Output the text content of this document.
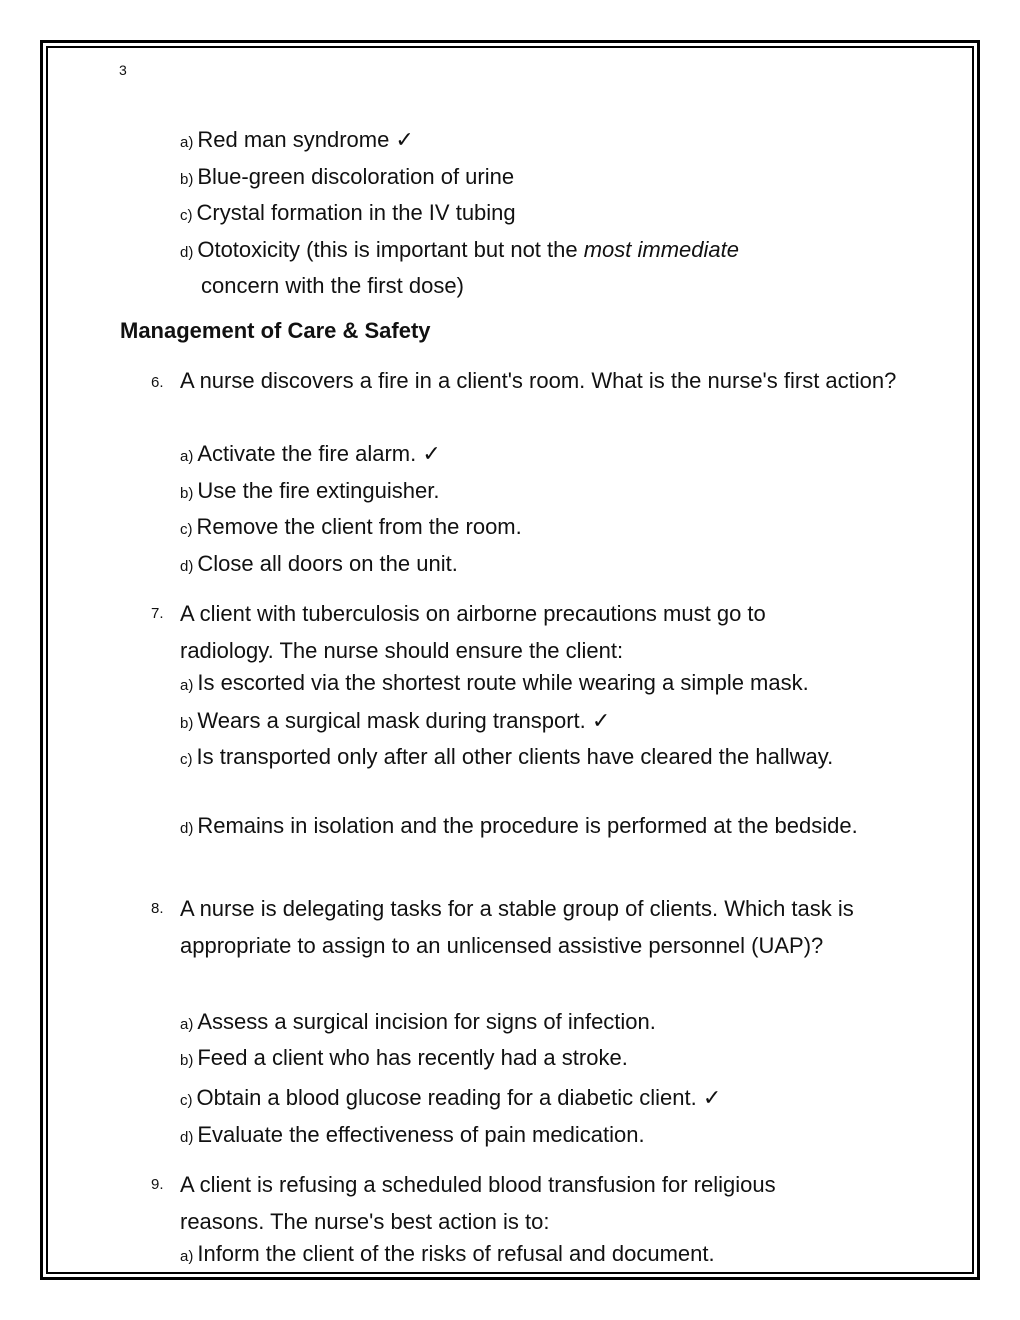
3
a) Red man syndrome ✓
b) Blue-green discoloration of urine
c) Crystal formation in the IV tubing
d) Ototoxicity (this is important but not the most immediate
concern with the first dose)
Management of Care & Safety
6. A nurse discovers a fire in a client's room. What is the nurse's first action?
a) Activate the fire alarm. ✓
b) Use the fire extinguisher.
c) Remove the client from the room.
d) Close all doors on the unit.
7. A client with tuberculosis on airborne precautions must go to radiology. The nurse should ensure the client:
a) Is escorted via the shortest route while wearing a simple mask.
b) Wears a surgical mask during transport. ✓
c) Is transported only after all other clients have cleared the hallway.
d) Remains in isolation and the procedure is performed at the bedside.
8. A nurse is delegating tasks for a stable group of clients. Which task is appropriate to assign to an unlicensed assistive personnel (UAP)?
a) Assess a surgical incision for signs of infection.
b) Feed a client who has recently had a stroke.
c) Obtain a blood glucose reading for a diabetic client. ✓
d) Evaluate the effectiveness of pain medication.
9. A client is refusing a scheduled blood transfusion for religious reasons. The nurse's best action is to:
a) Inform the client of the risks of refusal and document.
